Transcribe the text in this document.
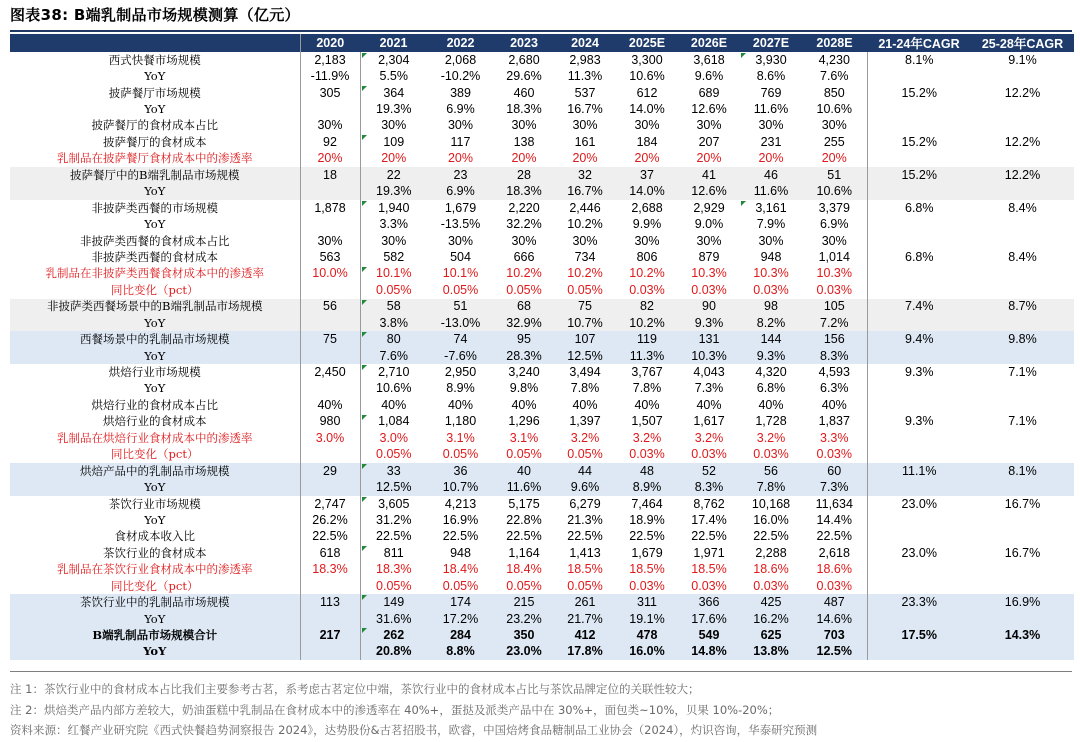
图表38: B端乳制品市场规模测算（亿元）
	2020	2021	2022	2023	2024	2025E	2026E	2027E	2028E	21-24年CAGR	25-28年CAGR
西式快餐市场规模	2,183	2,304	2,068	2,680	2,983	3,300	3,618	3,930	4,230	8.1%	9.1%
YoY	-11.9%	5.5%	-10.2%	29.6%	11.3%	10.6%	9.6%	8.6%	7.6%		
披萨餐厅市场规模	305	364	389	460	537	612	689	769	850	15.2%	12.2%
YoY		19.3%	6.9%	18.3%	16.7%	14.0%	12.6%	11.6%	10.6%		
披萨餐厅的食材成本占比	30%	30%	30%	30%	30%	30%	30%	30%	30%		
披萨餐厅的食材成本	92	109	117	138	161	184	207	231	255	15.2%	12.2%
乳制品在披萨餐厅食材成本中的渗透率	20%	20%	20%	20%	20%	20%	20%	20%	20%		
披萨餐厅中的B端乳制品市场规模	18	22	23	28	32	37	41	46	51	15.2%	12.2%
YoY		19.3%	6.9%	18.3%	16.7%	14.0%	12.6%	11.6%	10.6%		
非披萨类西餐的市场规模	1,878	1,940	1,679	2,220	2,446	2,688	2,929	3,161	3,379	6.8%	8.4%
YoY		3.3%	-13.5%	32.2%	10.2%	9.9%	9.0%	7.9%	6.9%		
非披萨类西餐的食材成本占比	30%	30%	30%	30%	30%	30%	30%	30%	30%		
非披萨类西餐的食材成本	563	582	504	666	734	806	879	948	1,014	6.8%	8.4%
乳制品在非披萨类西餐食材成本中的渗透率	10.0%	10.1%	10.1%	10.2%	10.2%	10.2%	10.3%	10.3%	10.3%		
同比变化（pct）		0.05%	0.05%	0.05%	0.05%	0.03%	0.03%	0.03%	0.03%		
非披萨类西餐场景中的B端乳制品市场规模	56	58	51	68	75	82	90	98	105	7.4%	8.7%
YoY		3.8%	-13.0%	32.9%	10.7%	10.2%	9.3%	8.2%	7.2%		
西餐场景中的乳制品市场规模	75	80	74	95	107	119	131	144	156	9.4%	9.8%
YoY		7.6%	-7.6%	28.3%	12.5%	11.3%	10.3%	9.3%	8.3%		
烘焙行业市场规模	2,450	2,710	2,950	3,240	3,494	3,767	4,043	4,320	4,593	9.3%	7.1%
YoY		10.6%	8.9%	9.8%	7.8%	7.8%	7.3%	6.8%	6.3%		
烘焙行业的食材成本占比	40%	40%	40%	40%	40%	40%	40%	40%	40%		
烘焙行业的食材成本	980	1,084	1,180	1,296	1,397	1,507	1,617	1,728	1,837	9.3%	7.1%
乳制品在烘焙行业食材成本中的渗透率	3.0%	3.0%	3.1%	3.1%	3.2%	3.2%	3.2%	3.2%	3.3%		
同比变化（pct）		0.05%	0.05%	0.05%	0.05%	0.03%	0.03%	0.03%	0.03%		
烘焙产品中的乳制品市场规模	29	33	36	40	44	48	52	56	60	11.1%	8.1%
YoY		12.5%	10.7%	11.6%	9.6%	8.9%	8.3%	7.8%	7.3%		
茶饮行业市场规模	2,747	3,605	4,213	5,175	6,279	7,464	8,762	10,168	11,634	23.0%	16.7%
YoY	26.2%	31.2%	16.9%	22.8%	21.3%	18.9%	17.4%	16.0%	14.4%		
食材成本收入比	22.5%	22.5%	22.5%	22.5%	22.5%	22.5%	22.5%	22.5%	22.5%		
茶饮行业的食材成本	618	811	948	1,164	1,413	1,679	1,971	2,288	2,618	23.0%	16.7%
乳制品在茶饮行业食材成本中的渗透率	18.3%	18.3%	18.4%	18.4%	18.5%	18.5%	18.5%	18.6%	18.6%		
同比变化（pct）		0.05%	0.05%	0.05%	0.05%	0.03%	0.03%	0.03%	0.03%		
茶饮行业中的乳制品市场规模	113	149	174	215	261	311	366	425	487	23.3%	16.9%
YoY		31.6%	17.2%	23.2%	21.7%	19.1%	17.6%	16.2%	14.6%		
B端乳制品市场规模合计	217	262	284	350	412	478	549	625	703	17.5%	14.3%
YoY		20.8%	8.8%	23.0%	17.8%	16.0%	14.8%	13.8%	12.5%		
注 1：茶饮行业中的食材成本占比我们主要参考古茗，系考虑古茗定位中端，茶饮行业中的食材成本占比与茶饮品牌定位的关联性较大；
注 2：烘焙类产品内部方差较大，奶油蛋糕中乳制品在食材成本中的渗透率在 40%+，蛋挞及派类产品中在 30%+，面包类~10%，贝果 10%-20%；
资料来源：红餐产业研究院《西式快餐趋势洞察报告 2024》，达势股份&古茗招股书，欧睿，中国焙烤食品糖制品工业协会（2024），灼识咨询，华泰研究预测
